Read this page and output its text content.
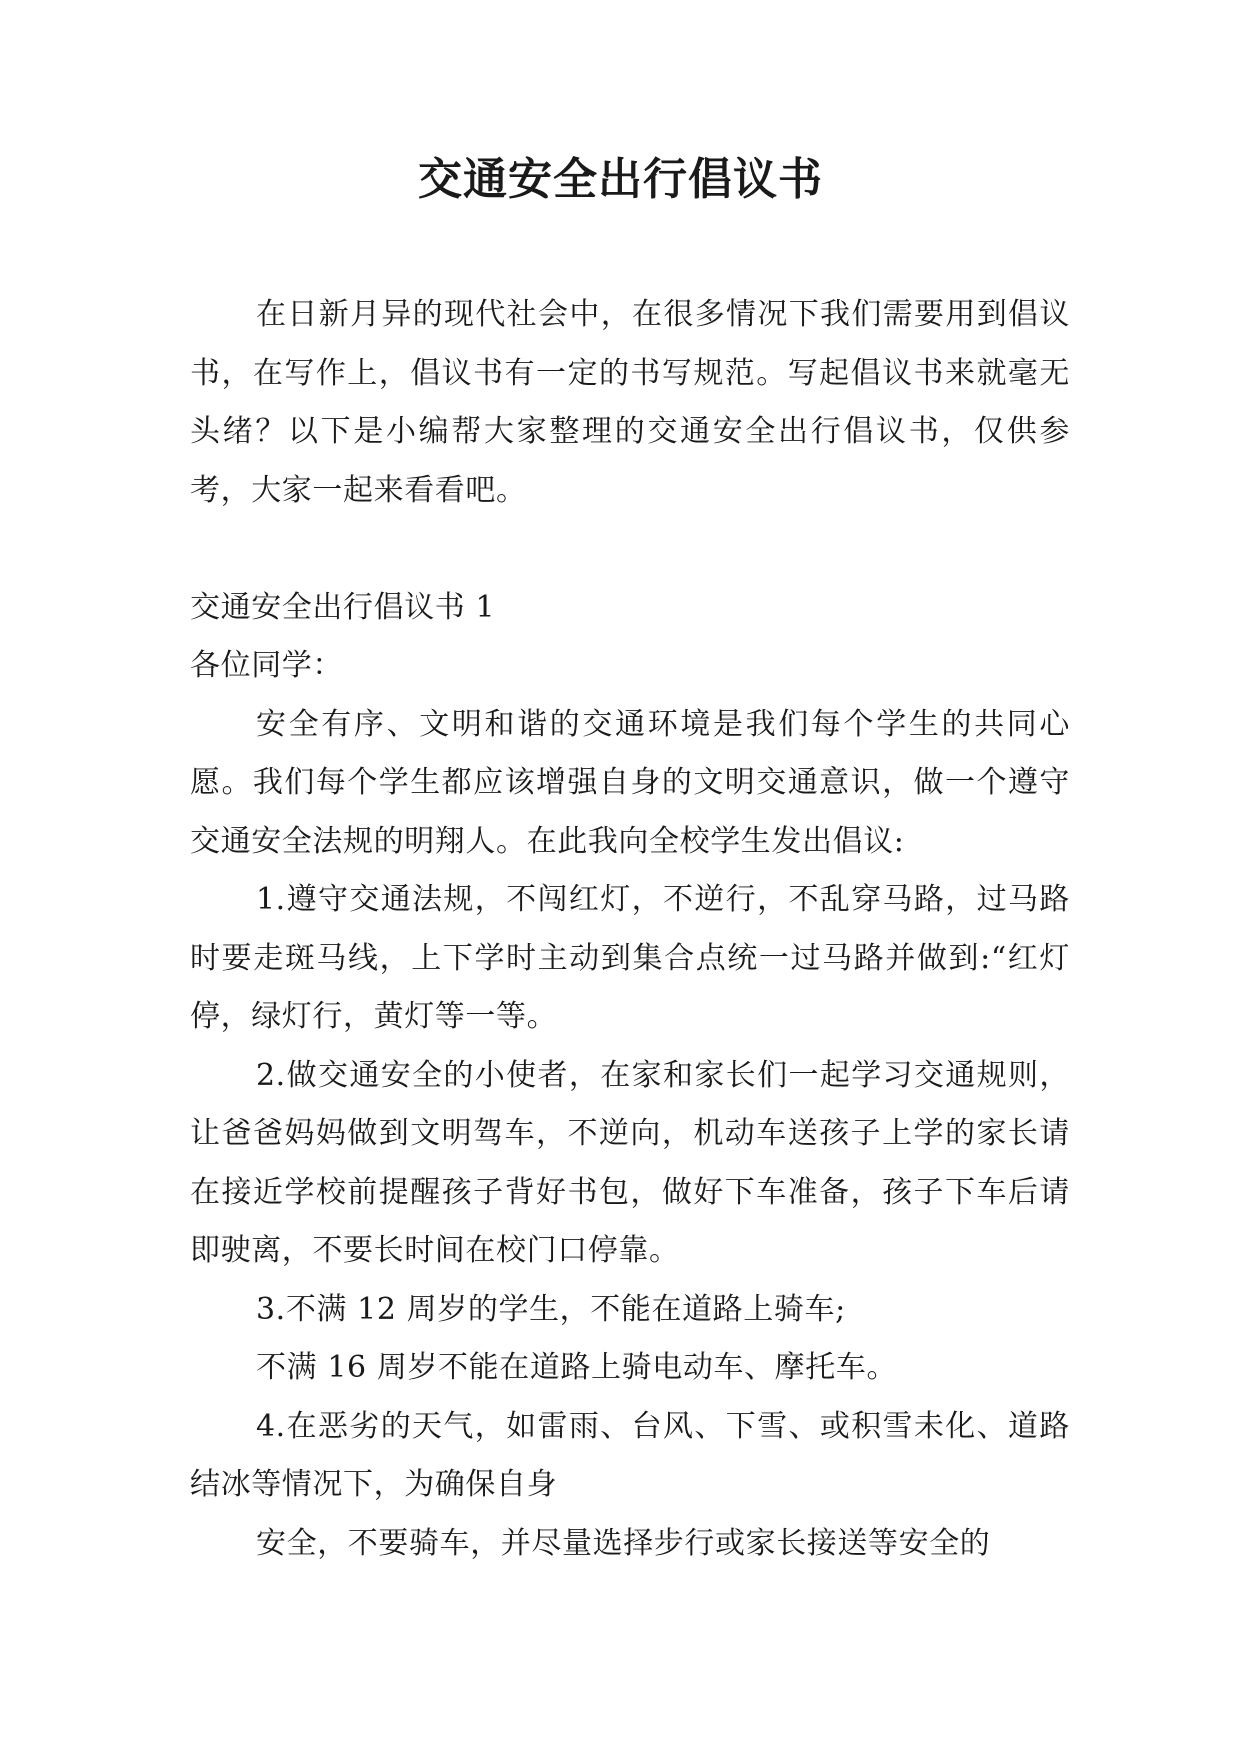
交通安全出行倡议书

在日新月异的现代社会中，在很多情况下我们需要用到倡议书，在写作上，倡议书有一定的书写规范。写起倡议书来就毫无头绪？以下是小编帮大家整理的交通安全出行倡议书，仅供参考，大家一起来看看吧。

交通安全出行倡议书 1

各位同学：

安全有序、文明和谐的交通环境是我们每个学生的共同心愿。我们每个学生都应该增强自身的文明交通意识，做一个遵守交通安全法规的明翔人。在此我向全校学生发出倡议:

1.遵守交通法规，不闯红灯，不逆行，不乱穿马路，过马路时要走斑马线，上下学时主动到集合点统一过马路并做到:“红灯停，绿灯行，黄灯等一等。

2.做交通安全的小使者，在家和家长们一起学习交通规则，让爸爸妈妈做到文明驾车，不逆向，机动车送孩子上学的家长请在接近学校前提醒孩子背好书包，做好下车准备，孩子下车后请即驶离，不要长时间在校门口停靠。

3.不满 12 周岁的学生，不能在道路上骑车;

不满 16 周岁不能在道路上骑电动车、摩托车。

4.在恶劣的天气，如雷雨、台风、下雪、或积雪未化、道路结冰等情况下，为确保自身

安全，不要骑车，并尽量选择步行或家长接送等安全的
